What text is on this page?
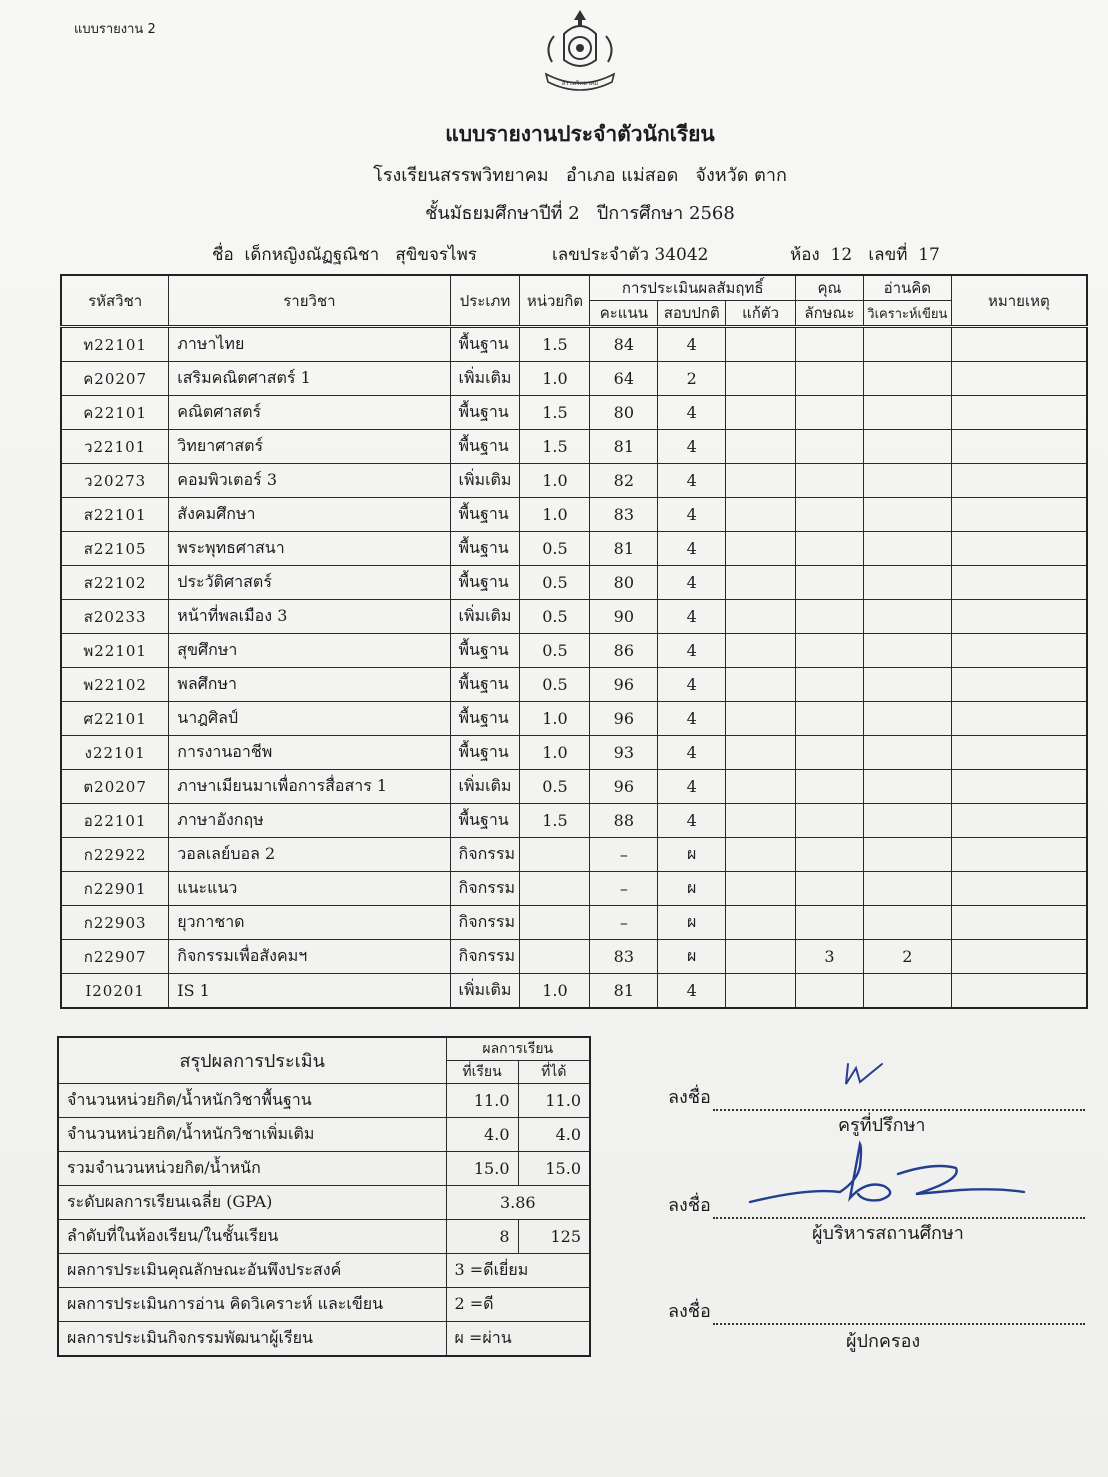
แบบรายงาน 2
สรรพวิทยาคม
แบบรายงานประจำตัวนักเรียน
โรงเรียนสรรพวิทยาคม   อำเภอ แม่สอด   จังหวัด ตาก
ชั้นมัธยมศึกษาปีที่ 2   ปีการศึกษา 2568
ชื่อ  เด็กหญิงณัฏฐณิชา   สุขิขจรไพร	เลขประจำตัว 34042	ห้อง  12   เลขที่  17
รหัสวิชา	รายวิชา	ประเภท	หน่วยกิต	การประเมินผลสัมฤทธิ์			คุณ	อ่านคิด	หมายเหตุ
				คะแนน	สอบปกติ	แก้ตัว	ลักษณะ	วิเคราะห์เขียน	
ท22101	ภาษาไทย	พื้นฐาน	1.5	84	4				
ค20207	เสริมคณิตศาสตร์ 1	เพิ่มเติม	1.0	64	2				
ค22101	คณิตศาสตร์	พื้นฐาน	1.5	80	4				
ว22101	วิทยาศาสตร์	พื้นฐาน	1.5	81	4				
ว20273	คอมพิวเตอร์ 3	เพิ่มเติม	1.0	82	4				
ส22101	สังคมศึกษา	พื้นฐาน	1.0	83	4				
ส22105	พระพุทธศาสนา	พื้นฐาน	0.5	81	4				
ส22102	ประวัติศาสตร์	พื้นฐาน	0.5	80	4				
ส20233	หน้าที่พลเมือง 3	เพิ่มเติม	0.5	90	4				
พ22101	สุขศึกษา	พื้นฐาน	0.5	86	4				
พ22102	พลศึกษา	พื้นฐาน	0.5	96	4				
ศ22101	นาฎศิลป์	พื้นฐาน	1.0	96	4				
ง22101	การงานอาชีพ	พื้นฐาน	1.0	93	4				
ต20207	ภาษาเมียนมาเพื่อการสื่อสาร 1	เพิ่มเติม	0.5	96	4				
อ22101	ภาษาอังกฤษ	พื้นฐาน	1.5	88	4				
ก22922	วอลเลย์บอล 2	กิจกรรม		–	ผ				
ก22901	แนะแนว	กิจกรรม		–	ผ				
ก22903	ยุวกาชาด	กิจกรรม		–	ผ				
ก22907	กิจกรรมเพื่อสังคมฯ	กิจกรรม		83	ผ		3	2	
I20201	IS 1	เพิ่มเติม	1.0	81	4				
สรุปผลการประเมิน	ผลการเรียน	
	ที่เรียน	ที่ได้
จำนวนหน่วยกิต/น้ำหนักวิชาพื้นฐาน	11.0	11.0
จำนวนหน่วยกิต/น้ำหนักวิชาเพิ่มเติม	4.0	4.0
รวมจำนวนหน่วยกิต/น้ำหนัก	15.0	15.0
ระดับผลการเรียนเฉลี่ย (GPA)	3.86	
ลำดับที่ในห้องเรียน/ในชั้นเรียน	8	125
ผลการประเมินคุณลักษณะอันพึงประสงค์	3 =ดีเยี่ยม	
ผลการประเมินการอ่าน คิดวิเคราะห์ และเขียน	2 =ดี	
ผลการประเมินกิจกรรมพัฒนาผู้เรียน	ผ =ผ่าน	
ลงชื่อ
ครูที่ปรึกษา
ลงชื่อ
ผู้บริหารสถานศึกษา
ลงชื่อ
ผู้ปกครอง
